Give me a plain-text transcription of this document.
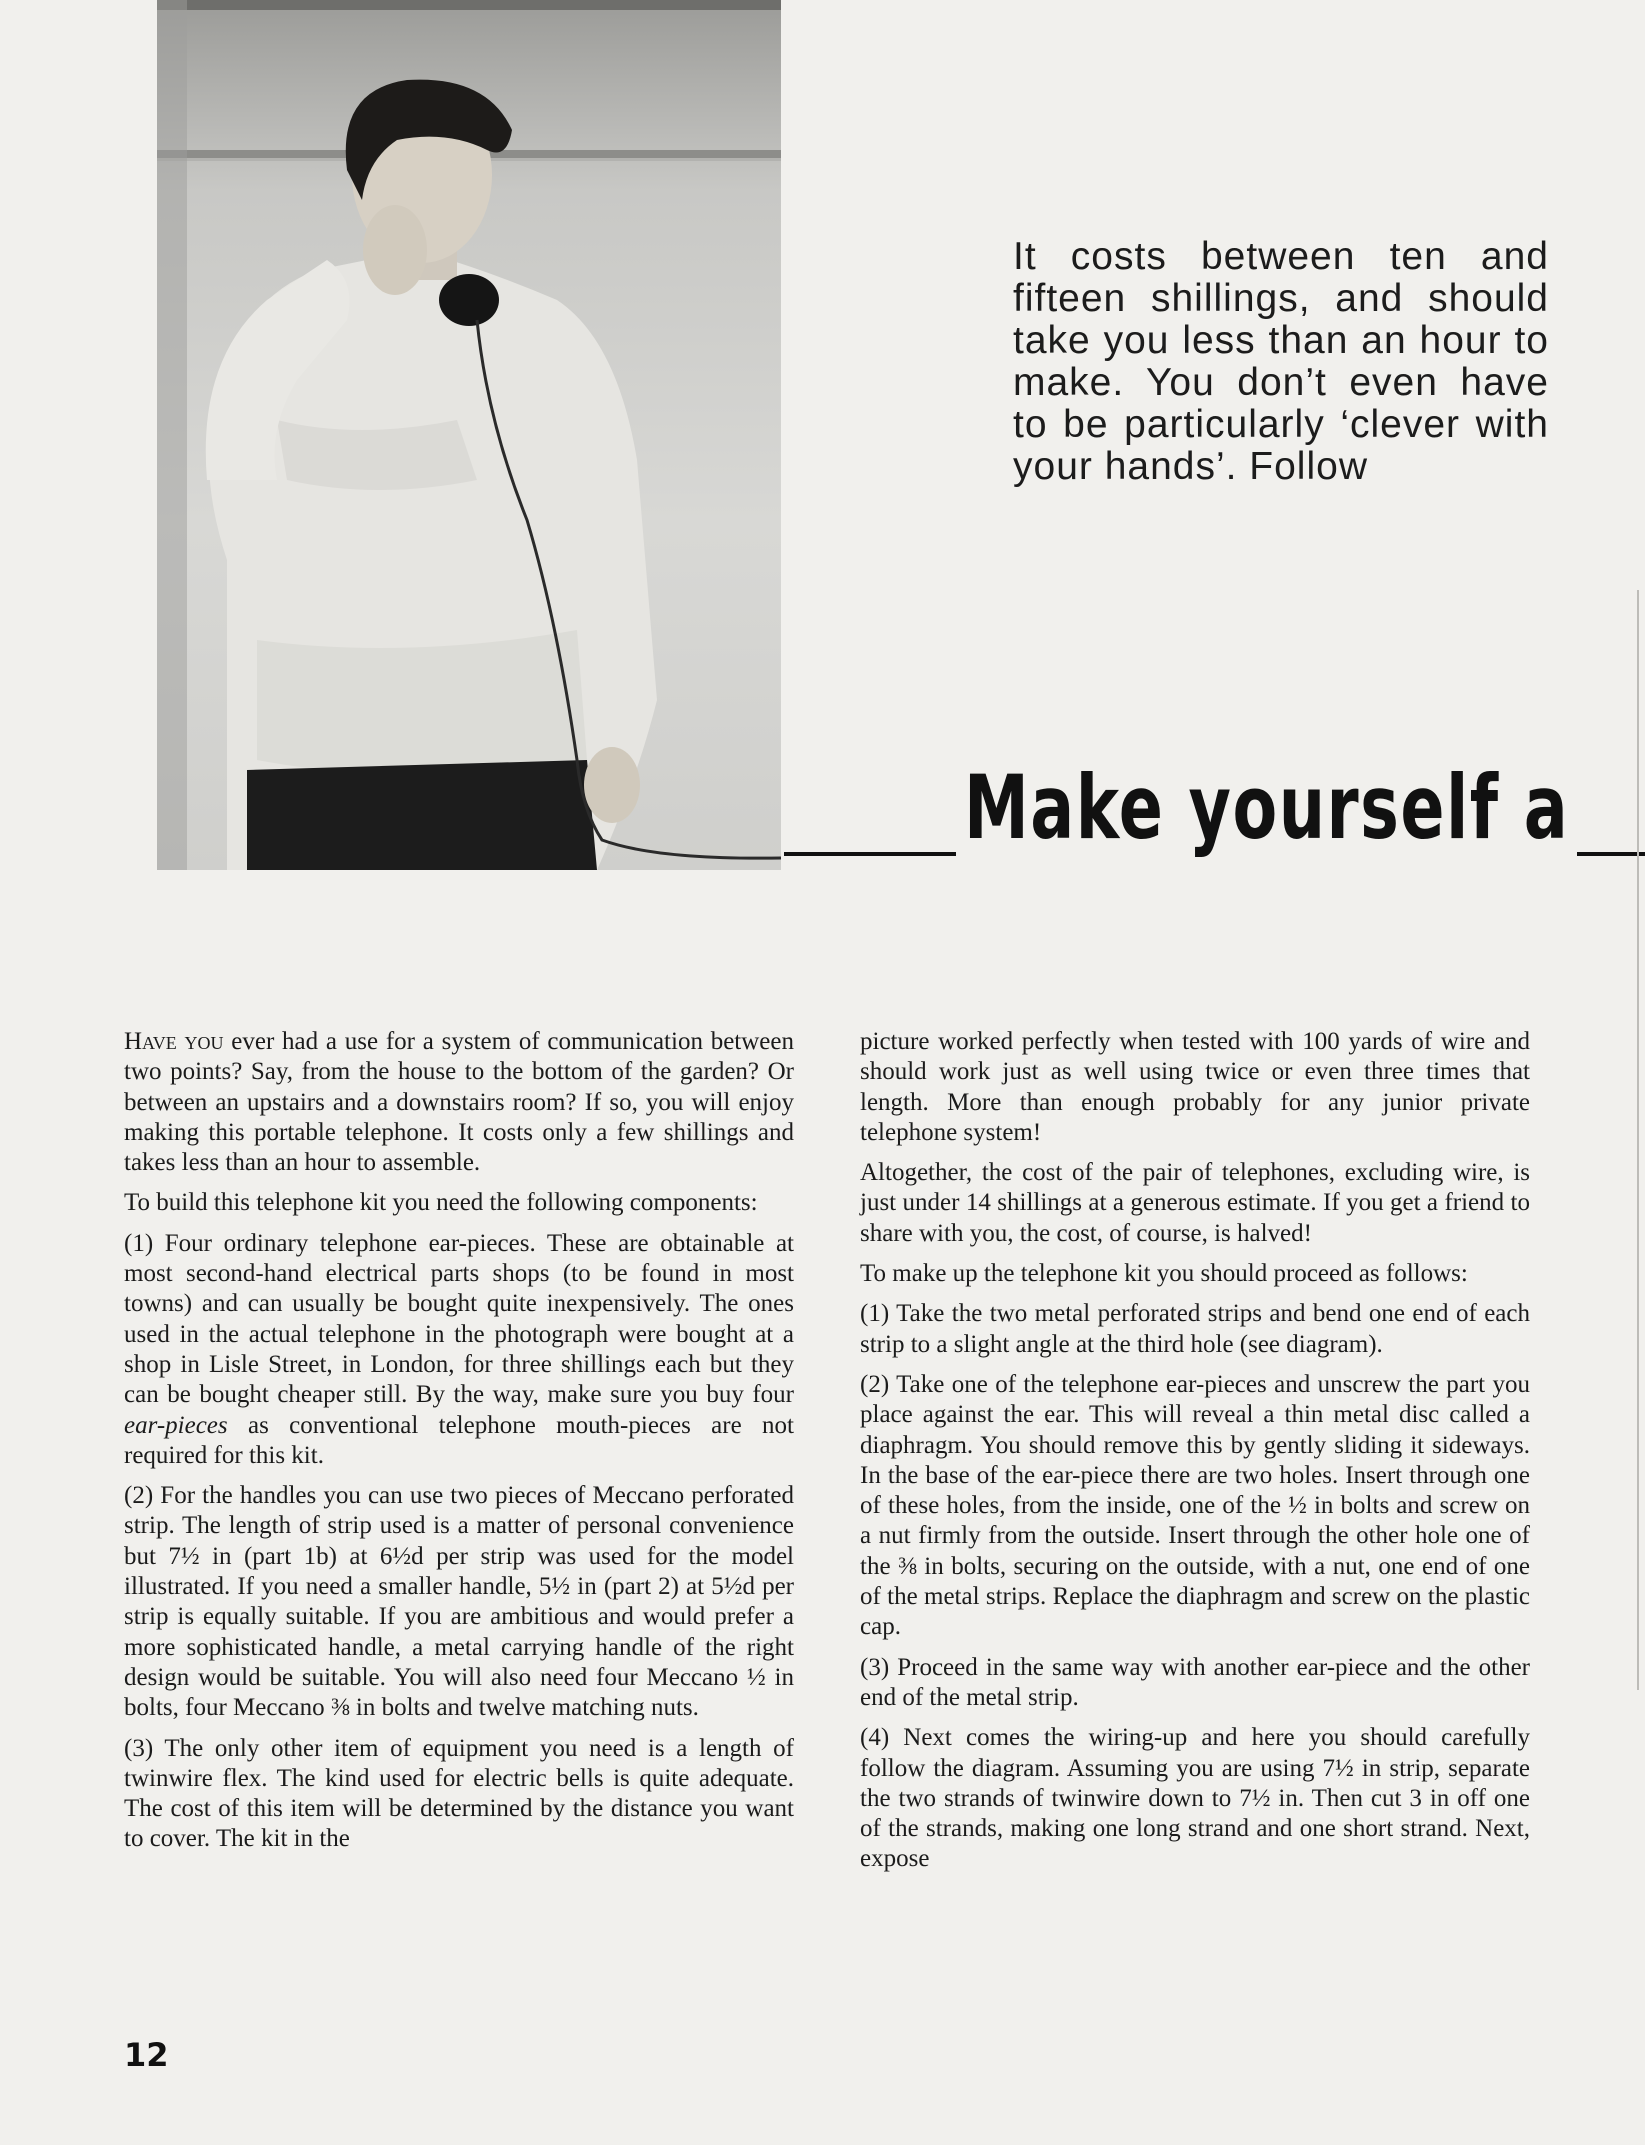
It costs between ten and fifteen shillings, and should take you less than an hour to make. You don’t even have to be particularly ‘clever with your hands’. Follow
Make yourself a

Have you ever had a use for a system of communication between two points? Say, from the house to the bottom of the garden? Or between an upstairs and a downstairs room? If so, you will enjoy making this portable telephone. It costs only a few shillings and takes less than an hour to assemble.

To build this telephone kit you need the following components:

(1) Four ordinary telephone ear-pieces. These are obtainable at most second-hand electrical parts shops (to be found in most towns) and can usually be bought quite inexpensively. The ones used in the actual telephone in the photograph were bought at a shop in Lisle Street, in London, for three shillings each but they can be bought cheaper still. By the way, make sure you buy four ear-pieces as conventional telephone mouth-pieces are not required for this kit.

(2) For the handles you can use two pieces of Meccano perforated strip. The length of strip used is a matter of personal convenience but 7½ in (part 1b) at 6½d per strip was used for the model illustrated. If you need a smaller handle, 5½ in (part 2) at 5½d per strip is equally suitable. If you are ambitious and would prefer a more sophisticated handle, a metal carrying handle of the right design would be suitable. You will also need four Meccano ½ in bolts, four Meccano ⅜ in bolts and twelve matching nuts.

(3) The only other item of equipment you need is a length of twinwire flex. The kind used for electric bells is quite adequate. The cost of this item will be determined by the distance you want to cover. The kit in the

picture worked perfectly when tested with 100 yards of wire and should work just as well using twice or even three times that length. More than enough probably for any junior private telephone system!

Altogether, the cost of the pair of telephones, excluding wire, is just under 14 shillings at a generous estimate. If you get a friend to share with you, the cost, of course, is halved!

To make up the telephone kit you should proceed as follows:

(1) Take the two metal perforated strips and bend one end of each strip to a slight angle at the third hole (see diagram).

(2) Take one of the telephone ear-pieces and unscrew the part you place against the ear. This will reveal a thin metal disc called a diaphragm. You should remove this by gently sliding it sideways. In the base of the ear-piece there are two holes. Insert through one of these holes, from the inside, one of the ½ in bolts and screw on a nut firmly from the outside. Insert through the other hole one of the ⅜ in bolts, securing on the outside, with a nut, one end of one of the metal strips. Replace the diaphragm and screw on the plastic cap.

(3) Proceed in the same way with another ear-piece and the other end of the metal strip.

(4) Next comes the wiring-up and here you should carefully follow the diagram. Assuming you are using 7½ in strip, separate the two strands of twinwire down to 7½ in. Then cut 3 in off one of the strands, making one long strand and one short strand. Next, expose

12
